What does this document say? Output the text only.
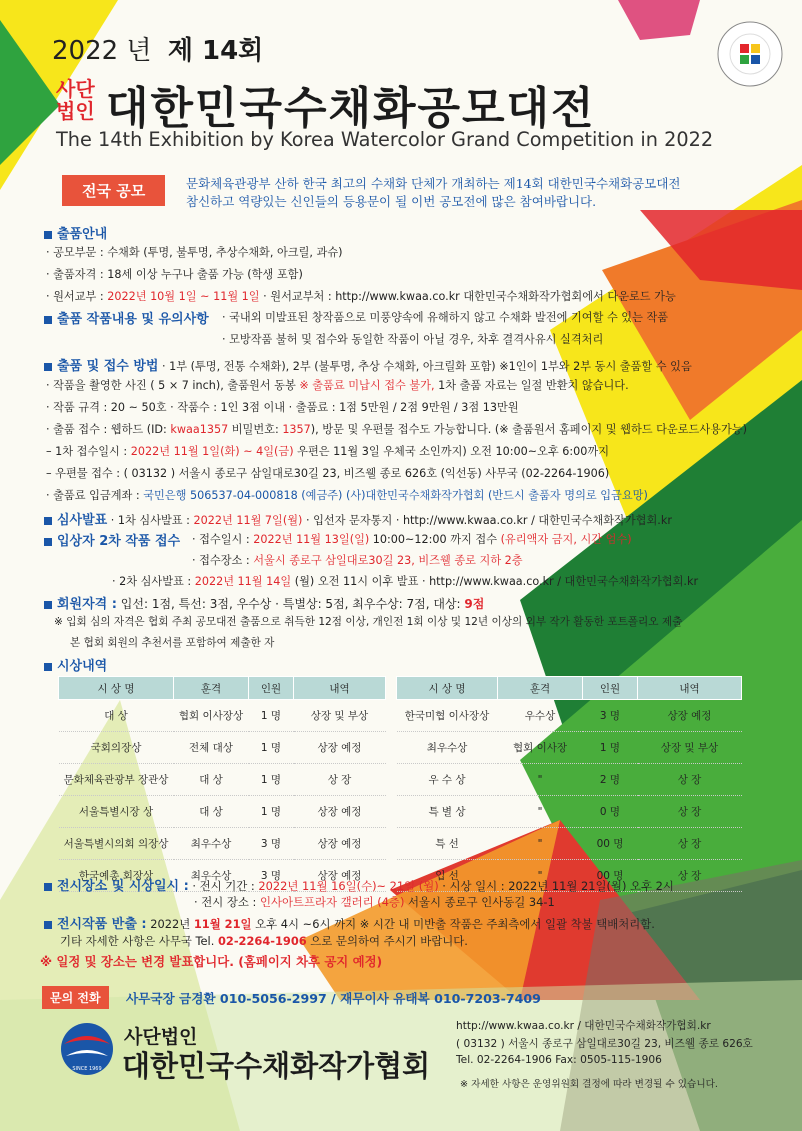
2022 년 제 14회
사단
법인 대한민국수채화공모대전
The 14th Exhibition by Korea Watercolor Grand Competition in 2022
전국 공모	문화체육관광부 산하 한국 최고의 수채화 단체가 개최하는 제14회 대한민국수채화공모대전
참신하고 역량있는 신인들의 등용문이 될 이번 공모전에 많은 참여바랍니다.
출품안내
· 공모부문 : 수채화 (투명, 불투명, 추상수채화, 아크릴, 과슈)
· 출품자격 : 18세 이상 누구나 출품 가능 (학생 포함)
· 원서교부 : 2022년 10월 1일 ~ 11월 1일 · 원서교부처 : http://www.kwaa.co.kr 대한민국수채화작가협회에서 다운로드 가능
출품 작품내용 및 유의사항 · 국내외 미발표된 창작품으로 미풍양속에 유해하지 않고 수채화 발전에 기여할 수 있는 작품
· 모방작품 불허 및 접수와 동일한 작품이 아닐 경우, 차후 결격사유시 실격처리
출품 및 접수 방법 · 1부 (투명, 전통 수채화), 2부 (불투명, 추상 수채화, 아크릴화 포함) ※1인이 1부와 2부 동시 출품할 수 있음
· 작품을 촬영한 사진 ( 5 × 7 inch), 출품원서 동봉 ※ 출품료 미납시 접수 불가, 1차 출품 자료는 일절 반환치 않습니다.
· 작품 규격 : 20 ~ 50호 · 작품수 : 1인 3점 이내 · 출품료 : 1점 5만원 / 2점 9만원 / 3점 13만원
· 출품 접수 : 웹하드 (ID: kwaa1357 비밀번호: 1357), 방문 및 우편물 접수도 가능합니다. (※ 출품원서 홈페이지 및 웹하드 다운로드사용가능)
– 1차 접수일시 : 2022년 11월 1일(화) ~ 4일(금) 우편은 11월 3일 우체국 소인까지) 오전 10:00~오후 6:00까지
– 우편물 접수 : ( 03132 ) 서울시 종로구 삼일대로30길 23, 비즈웰 종로 626호 (익선동) 사무국 (02-2264-1906)
· 출품료 입금계좌 : 국민은행 506537-04-000818 (예금주) (사)대한민국수채화작가협회 (반드시 출품자 명의로 입금요망)
심사발표 · 1차 심사발표 : 2022년 11월 7일(월) · 입선자 문자통지 · http://www.kwaa.co.kr / 대한민국수채화작가협회.kr
입상자 2차 작품 접수 · 접수일시 : 2022년 11월 13일(일) 10:00~12:00 까지 접수 (유리액자 금지, 시간 엄수)
· 접수장소 : 서울시 종로구 삼일대로30길 23, 비즈웰 종로 지하 2층
· 2차 심사발표 : 2022년 11월 14일 (월) 오전 11시 이후 발표 · http://www.kwaa.co.kr / 대한민국수채화작가협회.kr
회원자격 : 입선: 1점, 특선: 3점, 우수상 · 특별상: 5점, 최우수상: 7점, 대상: 9점
※ 입회 심의 자격은 협회 주최 공모대전 출품으로 취득한 12점 이상, 개인전 1회 이상 및 12년 이상의 외부 작가 활동한 포트폴리오 제출
본 협회 회원의 추천서를 포함하여 제출한 자
시상내역
시 상 명	훈격	인원	내역
대 상	협회 이사장상	1 명	상장 및 부상
국회의장상	전체 대상	1 명	상장 예정
문화체육관광부 장관상	대 상	1 명	상 장
서울특별시장 상	대 상	1 명	상장 예정
서울특별시의회 의장상	최우수상	3 명	상장 예정
한국예총 회장상	최우수상	3 명	상장 예정
시 상 명	훈격	인원	내역
한국미협 이사장상	우수상	3 명	상장 예정
최우수상	협회 이사장	1 명	상장 및 부상
우 수 상	"	2 명	상 장
특 별 상	"	0 명	상 장
특 선	"	00 명	상 장
입 선	"	00 명	상 장
전시장소 및 시상일시 : · 전시 기간 : 2022년 11월 16일(수)~ 21일 (월) · 시상 일시 : 2022년 11월 21일(월) 오후 2시
· 전시 장소 : 인사아트프라자 갤러리 (4층) 서울시 종로구 인사동길 34-1
전시작품 반출 : 2022년 11월 21일 오후 4시 ~6시 까지 ※ 시간 내 미반출 작품은 주최측에서 일괄 착불 택배처리함.
기타 자세한 사항은 사무국 Tel. 02-2264-1906 으로 문의하여 주시기 바랍니다.
※ 일정 및 장소는 변경 발표합니다. (홈페이지 차후 공지 예정)
문의 전화	사무국장 금경환 010-5056-2997 / 재무이사 유태복 010-7203-7409
SINCE 1969
사단법인
대한민국수채화작가협회
http://www.kwaa.co.kr / 대한민국수채화작가협회.kr
( 03132 ) 서울시 종로구 삼일대로30길 23, 비즈웰 종로 626호
Tel. 02-2264-1906 Fax: 0505-115-1906
※ 자세한 사항은 운영위원회 결정에 따라 변경될 수 있습니다.
